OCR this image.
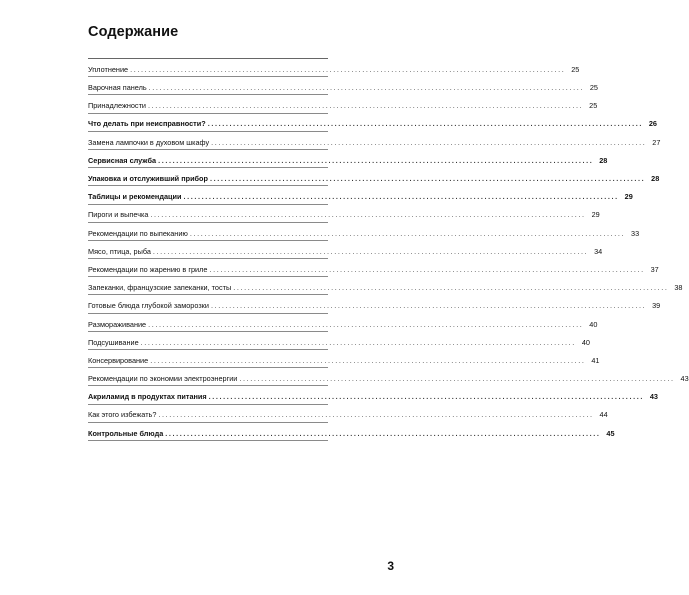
Содержание
Уплотнение ........................................................................................................................ 25
Варочная панель ........................................................................................................................ 25
Принадлежности ........................................................................................................................ 25
Что делать при неисправности? ........................................................................................................................ 26
Замена лампочки в духовом шкафу ........................................................................................................................ 27
Сервисная служба ........................................................................................................................ 28
Упаковка и отслуживший прибор ........................................................................................................................ 28
Таблицы и рекомендации ........................................................................................................................ 29
Пироги и выпечка ........................................................................................................................ 29
Рекомендации по выпеканию ........................................................................................................................ 33
Мясо, птица, рыба ........................................................................................................................ 34
Рекомендации по жарению в гриле ........................................................................................................................ 37
Запеканки, французские запеканки, тосты ........................................................................................................................ 38
Готовые блюда глубокой заморозки ........................................................................................................................ 39
Размораживание ........................................................................................................................ 40
Подсушивание ........................................................................................................................ 40
Консервирование ........................................................................................................................ 41
Рекомендации по экономии электроэнергии ........................................................................................................................ 43
Акриламид в продуктах питания ........................................................................................................................ 43
Как этого избежать? ........................................................................................................................ 44
Контрольные блюда ........................................................................................................................ 45
3
